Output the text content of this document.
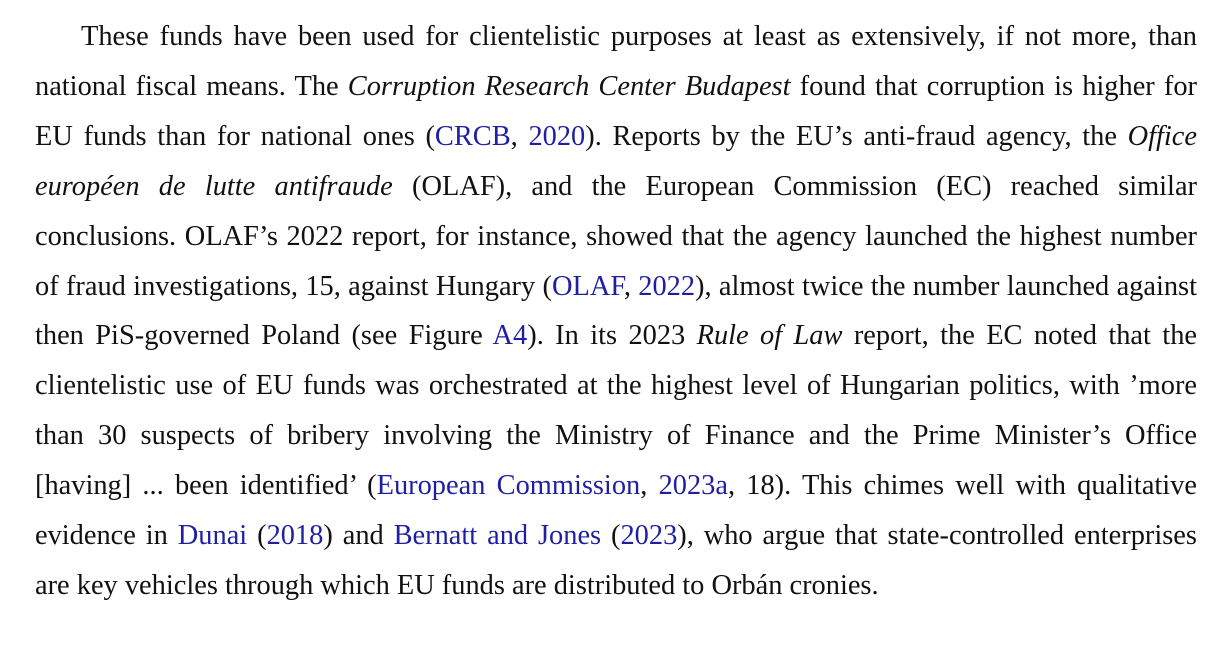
These funds have been used for clientelistic purposes at least as extensively, if not more, than national fiscal means. The Corruption Research Center Budapest found that corruption is higher for EU funds than for national ones (CRCB, 2020). Reports by the EU’s anti-fraud agency, the Office européen de lutte antifraude (OLAF), and the European Commission (EC) reached similar conclusions. OLAF’s 2022 report, for instance, showed that the agency launched the highest number of fraud investigations, 15, against Hungary (OLAF, 2022), almost twice the number launched against then PiS-governed Poland (see Figure A4). In its 2023 Rule of Law report, the EC noted that the clientelistic use of EU funds was orchestrated at the highest level of Hungarian politics, with ’more than 30 suspects of bribery involving the Ministry of Finance and the Prime Minister’s Office [having] ... been identified’ (European Commission, 2023a, 18). This chimes well with qualitative evidence in Dunai (2018) and Bernatt and Jones (2023), who argue that state-controlled enterprises are key vehicles through which EU funds are distributed to Orbán cronies.
